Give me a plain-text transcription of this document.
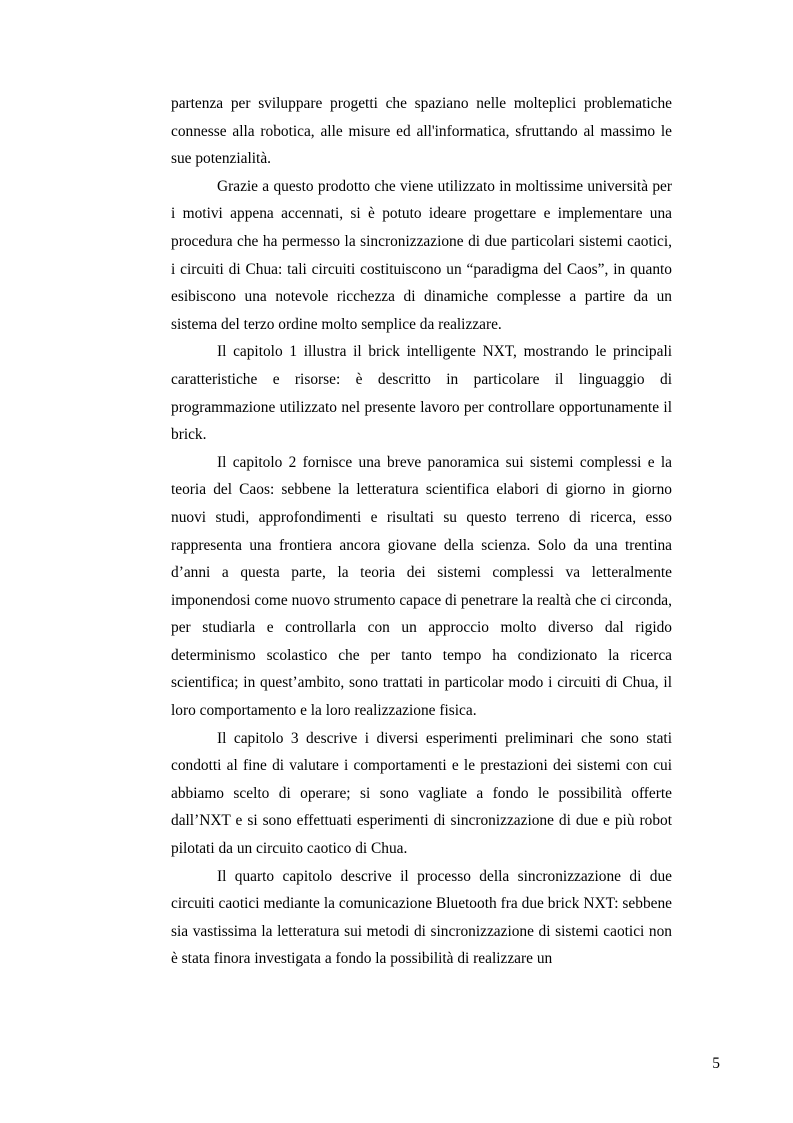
partenza per sviluppare progetti che spaziano nelle molteplici problematiche connesse alla robotica, alle misure ed all'informatica, sfruttando al massimo le sue potenzialità.

Grazie a questo prodotto che viene utilizzato in moltissime università per i motivi appena accennati, si è potuto ideare progettare e implementare una procedura che ha permesso la sincronizzazione di due particolari sistemi caotici, i circuiti di Chua: tali circuiti costituiscono un “paradigma del Caos”, in quanto esibiscono una notevole ricchezza di dinamiche complesse a partire da un sistema del terzo ordine molto semplice da realizzare.

Il capitolo 1 illustra il brick intelligente NXT, mostrando le principali caratteristiche e risorse: è descritto in particolare il linguaggio di programmazione utilizzato nel presente lavoro per controllare opportunamente il brick.

Il capitolo 2 fornisce una breve panoramica sui sistemi complessi e la teoria del Caos: sebbene la letteratura scientifica elabori di giorno in giorno nuovi studi, approfondimenti e risultati su questo terreno di ricerca, esso rappresenta una frontiera ancora giovane della scienza. Solo da una trentina d’anni a questa parte, la teoria dei sistemi complessi va letteralmente imponendosi come nuovo strumento capace di penetrare la realtà che ci circonda, per studiarla e controllarla con un approccio molto diverso dal rigido determinismo scolastico che per tanto tempo ha condizionato la ricerca scientifica; in quest’ambito, sono trattati in particolar modo i circuiti di Chua, il loro comportamento e la loro realizzazione fisica.

Il capitolo 3 descrive i diversi esperimenti preliminari che sono stati condotti al fine di valutare i comportamenti e le prestazioni dei sistemi con cui abbiamo scelto di operare; si sono vagliate a fondo le possibilità offerte dall’NXT e si sono effettuati esperimenti di sincronizzazione di due e più robot pilotati da un circuito caotico di Chua.

Il quarto capitolo descrive il processo della sincronizzazione di due circuiti caotici mediante la comunicazione Bluetooth fra due brick NXT: sebbene sia vastissima la letteratura sui metodi di sincronizzazione di sistemi caotici non è stata finora investigata a fondo la possibilità di realizzare un

5
